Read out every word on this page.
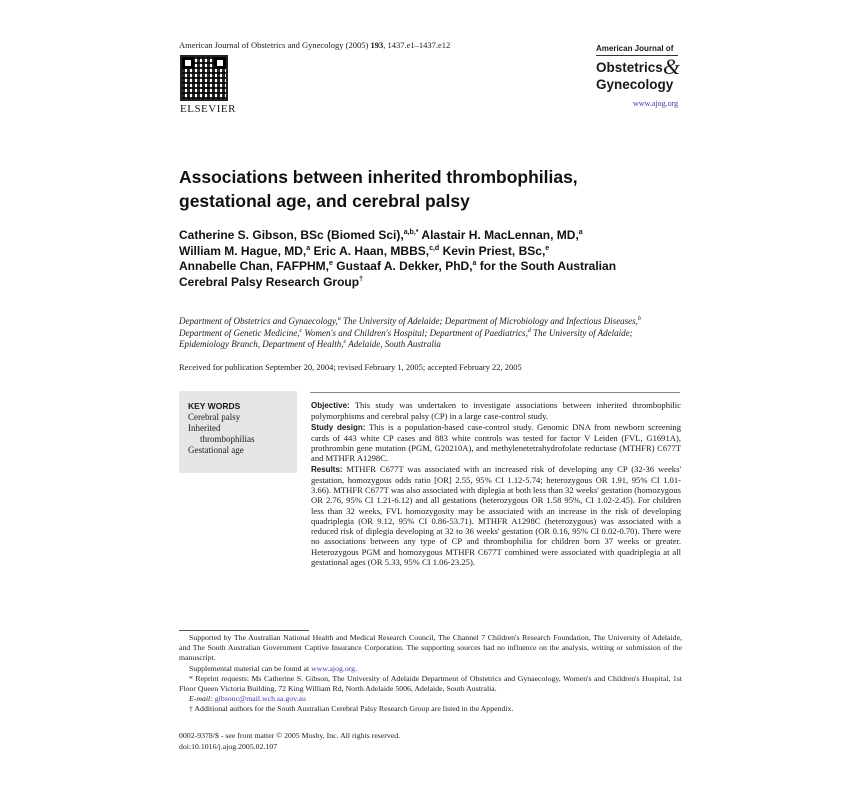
American Journal of Obstetrics and Gynecology (2005) 193, 1437.e1–1437.e12
ELSEVIER
American Journal of
Obstetrics &
Gynecology
www.ajog.org
Associations between inherited thrombophilias,
gestational age, and cerebral palsy
Catherine S. Gibson, BSc (Biomed Sci),$^{a,b,*}$ Alastair H. MacLennan, MD,$^a$
William M. Hague, MD,$^a$ Eric A. Haan, MBBS,$^{c,d}$ Kevin Priest, BSc,$^e$
Annabelle Chan, FAFPHM,$^e$ Gustaaf A. Dekker, PhD,$^a$ for the South Australian Cerebral Palsy Research Group†
Department of Obstetrics and Gynaecology,$^a$ The University of Adelaide; Department of Microbiology and Infectious Diseases,$^b$ Department of Genetic Medicine,$^c$ Women's and Children's Hospital; Department of Paediatrics,$^d$ The University of Adelaide; Epidemiology Branch, Department of Health,$^e$ Adelaide, South Australia
Received for publication September 20, 2004; revised February 1, 2005; accepted February 22, 2005
KEY WORDS
Cerebral palsy
Inherited
thrombophilias
Gestational age

Objective: This study was undertaken to investigate associations between inherited thrombophilic polymorphisms and cerebral palsy (CP) in a large case-control study.

Study design: This is a population-based case-control study. Genomic DNA from newborn screening cards of 443 white CP cases and 883 white controls was tested for factor V Leiden (FVL, G1691A), prothrombin gene mutation (PGM, G20210A), and methylenetetrahydrofolate reductase (MTHFR) C677T and MTHFR A1298C.

Results: MTHFR C677T was associated with an increased risk of developing any CP (32-36 weeks' gestation, homozygous odds ratio [OR] 2.55, 95% CI 1.12-5.74; heterozygous OR 1.91, 95% CI 1.01-3.66). MTHFR C677T was also associated with diplegia at both less than 32 weeks' gestation (homozygous OR 2.76, 95% CI 1.21-6.12) and all gestations (heterozygous OR 1.58 95%, CI 1.02-2.45). For children less than 32 weeks, FVL homozygosity may be associated with an increase in the risk of developing quadriplegia (OR 9.12, 95% CI 0.86-53.71). MTHFR A1298C (heterozygous) was associated with a reduced risk of diplegia developing at 32 to 36 weeks' gestation (OR 0.16, 95% CI 0.02-0.70). There were no associations between any type of CP and thrombophilia for children born 37 weeks or greater. Heterozygous PGM and homozygous MTHFR C677T combined were associated with quadriplegia at all gestational ages (OR 5.33, 95% CI 1.06-23.25).

Supported by The Australian National Health and Medical Research Council, The Channel 7 Children's Research Foundation, The University of Adelaide, and The South Australian Government Captive Insurance Corporation. The supporting sources had no influence on the analysis, writing or submission of the manuscript.

Supplemental material can be found at www.ajog.org.

* Reprint requests: Ms Catherine S. Gibson, The University of Adelaide Department of Obstetrics and Gynaecology, Women's and Children's Hospital, 1st Floor Queen Victoria Building, 72 King William Rd, North Adelaide 5006, Adelaide, South Australia.

E-mail: gibsonc@mail.wch.sa.gov.au

† Additional authors for the South Australian Cerebral Palsy Research Group are listed in the Appendix.

0002-9378/$ - see front matter © 2005 Mosby, Inc. All rights reserved.
doi:10.1016/j.ajog.2005.02.107
